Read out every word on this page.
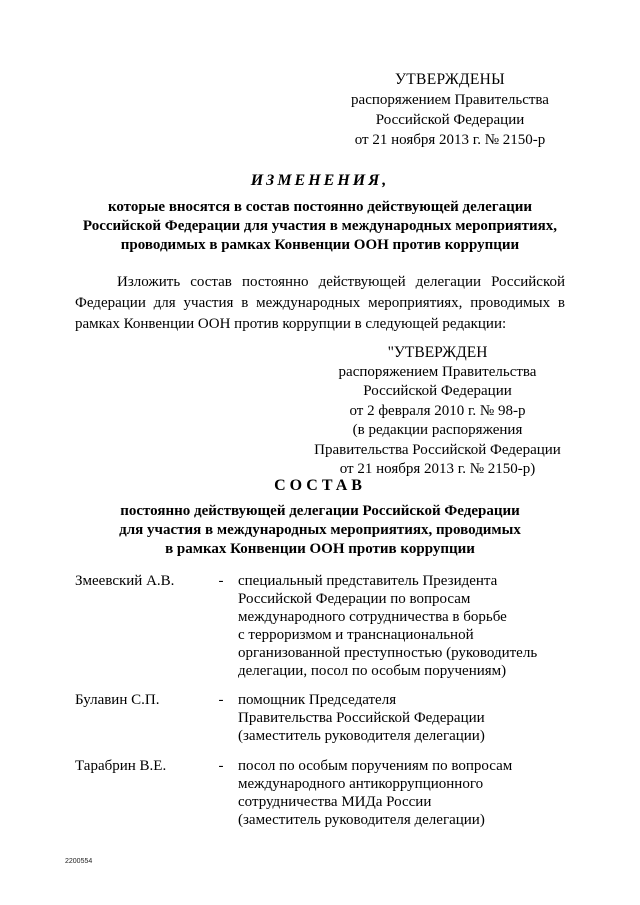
УТВЕРЖДЕНЫ
распоряжением Правительства
Российской Федерации
от 21 ноября 2013 г. № 2150-р
ИЗМЕНЕНИЯ,
которые вносятся в состав постоянно действующей делегации
Российской Федерации для участия в международных мероприятиях,
проводимых в рамках Конвенции ООН против коррупции
Изложить состав постоянно действующей делегации Российской Федерации для участия в международных мероприятиях, проводимых в рамках Конвенции ООН против коррупции в следующей редакции:
"УТВЕРЖДЕН
распоряжением Правительства
Российской Федерации
от 2 февраля 2010 г. № 98-р
(в редакции распоряжения
Правительства Российской Федерации
от 21 ноября 2013 г. № 2150-р)
СОСТАВ
постоянно действующей делегации Российской Федерации
для участия в международных мероприятиях, проводимых
в рамках Конвенции ООН против коррупции
Змеевский А.В.	- специальный представитель Президента
Российской Федерации по вопросам
международного сотрудничества в борьбе
с терроризмом и транснациональной
организованной преступностью (руководитель
делегации, посол по особым поручениям)
Булавин С.П.	- помощник Председателя
Правительства Российской Федерации
(заместитель руководителя делегации)
Тарабрин В.Е.	- посол по особым поручениям по вопросам
международного антикоррупционного
сотрудничества МИДа России
(заместитель руководителя делегации)
2200554
